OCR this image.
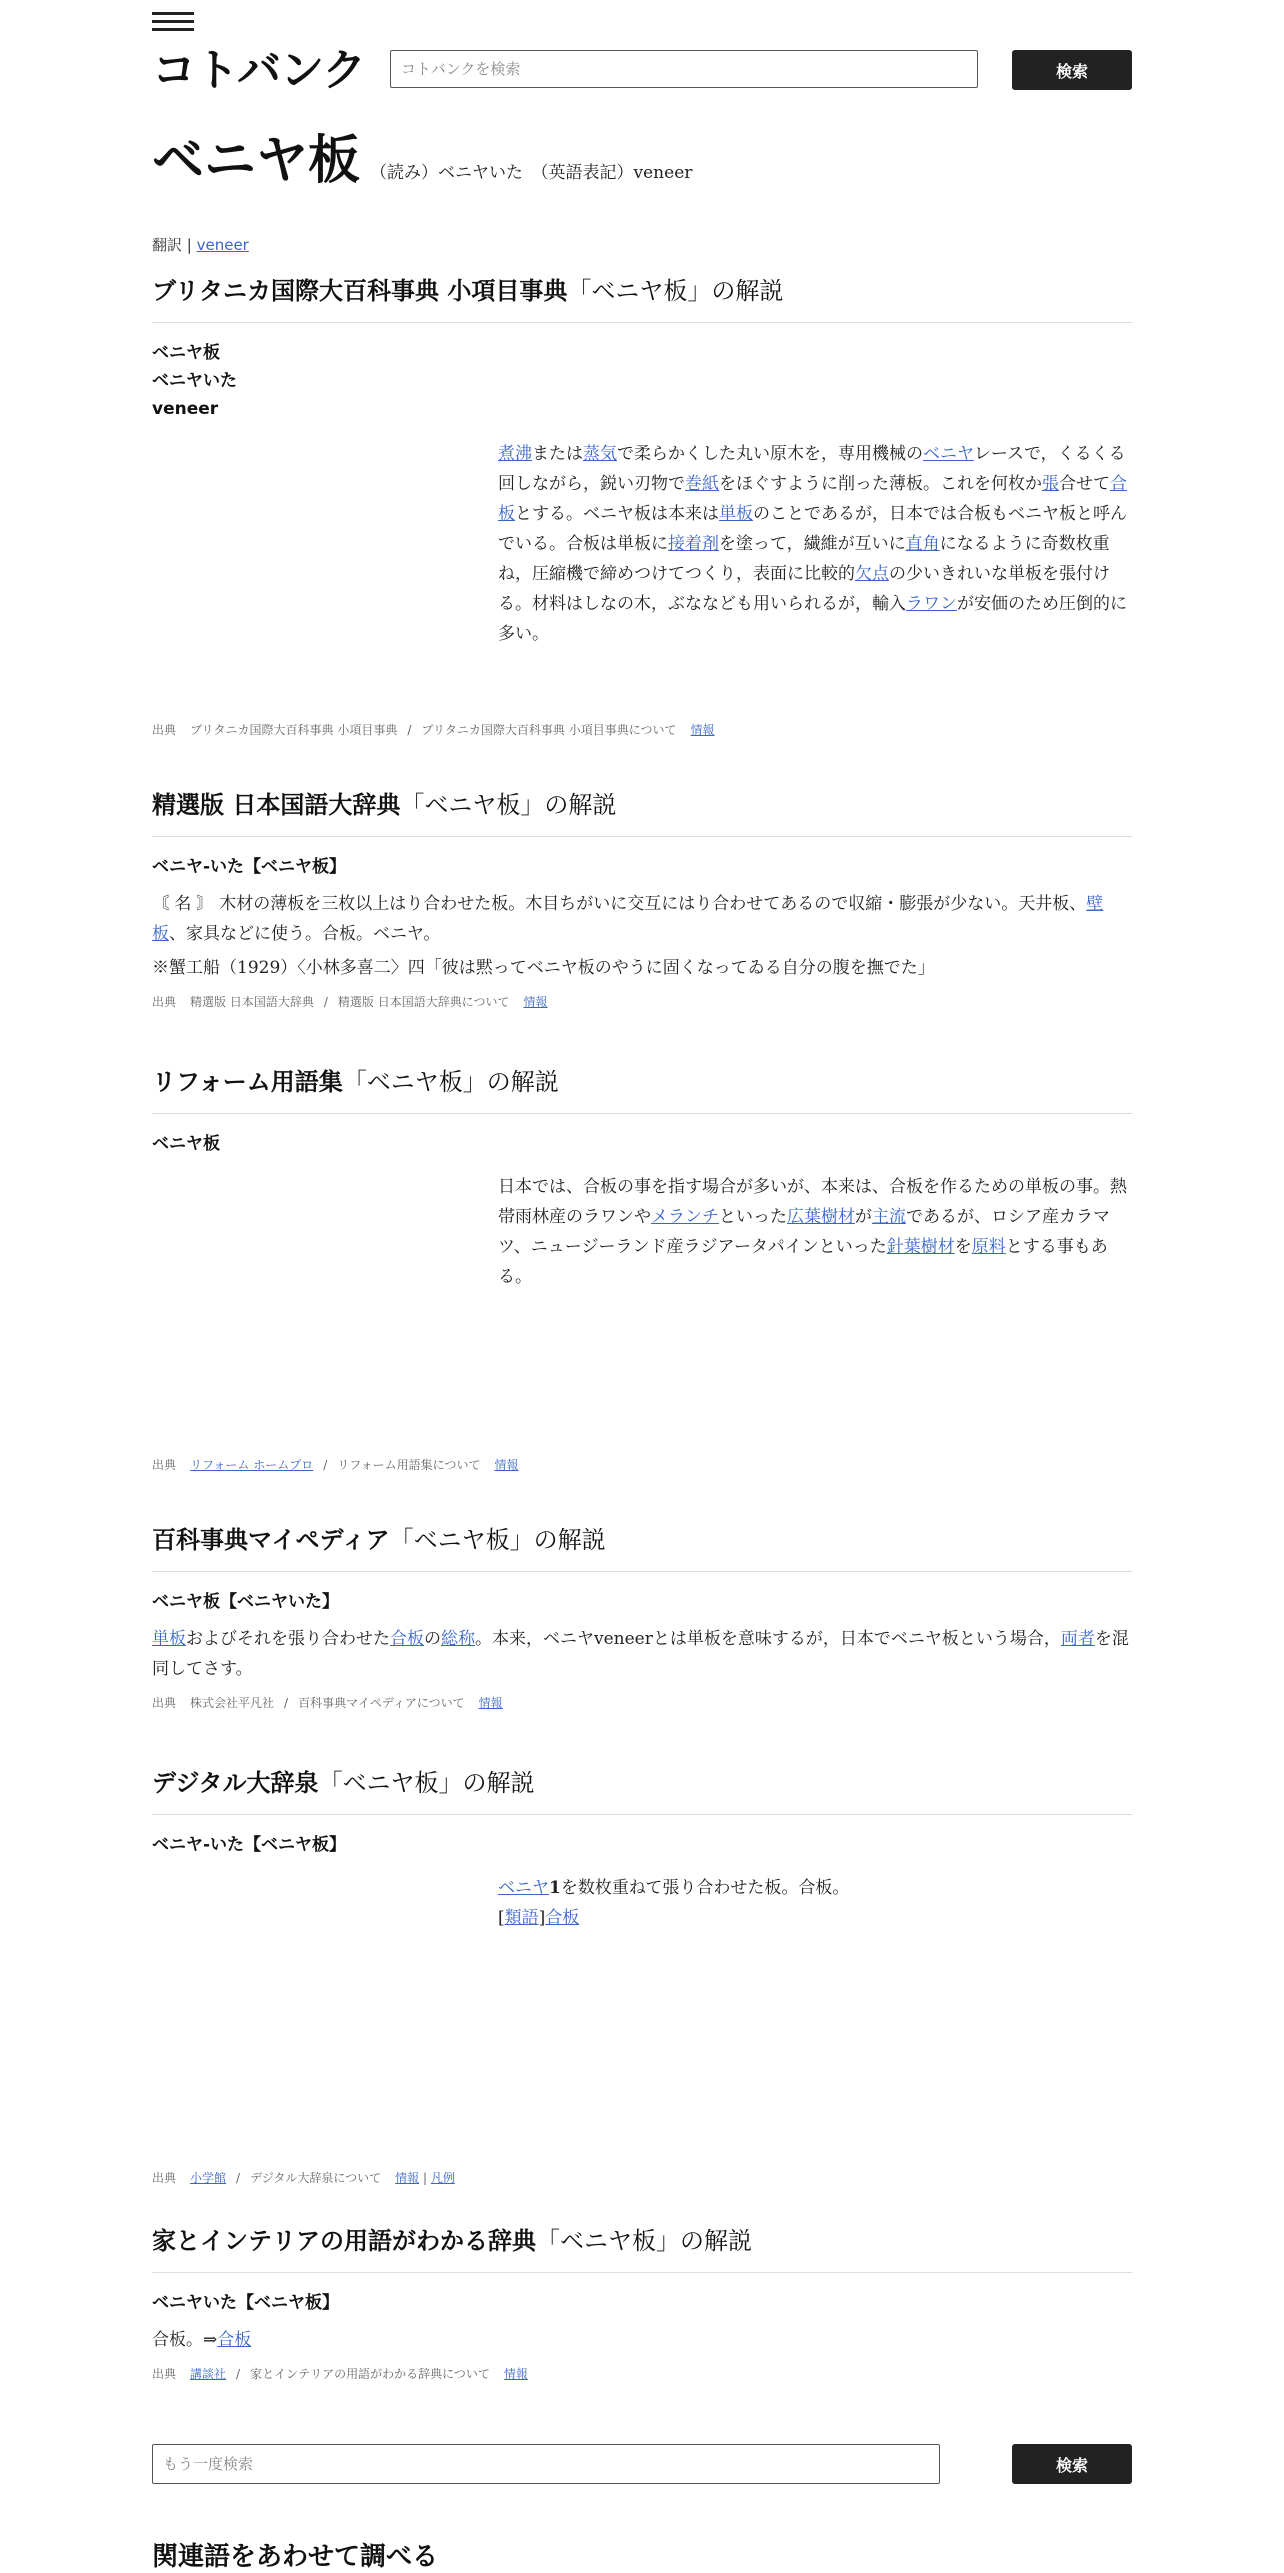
コトバンク
コトバンクを検索	検索
ベニヤ板 （読み）ベニヤいた　（英語表記）veneer
翻訳 | veneer
ブリタニカ国際大百科事典 小項目事典「ベニヤ板」の解説
ベニヤ板
ベニヤいた
veneer
煮沸または蒸気で柔らかくした丸い原木を，専用機械のベニヤレースで，くるくる回しながら，鋭い刃物で巻紙をほぐすように削った薄板。これを何枚か張合せて合板とする。ベニヤ板は本来は単板のことであるが，日本では合板もベニヤ板と呼んでいる。合板は単板に接着剤を塗って，繊維が互いに直角になるように奇数枚重ね，圧縮機で締めつけてつくり，表面に比較的欠点の少いきれいな単板を張付ける。材料はしなの木，ぶななども用いられるが，輸入ラワンが安価のため圧倒的に多い。
出典 ブリタニカ国際大百科事典 小項目事典 / ブリタニカ国際大百科事典 小項目事典について 情報
精選版 日本国語大辞典「ベニヤ板」の解説
ベニヤ‐いた【ベニヤ板】
〘 名 〙 木材の薄板を三枚以上はり合わせた板。木目ちがいに交互にはり合わせてあるので収縮・膨張が少ない。天井板、壁板、家具などに使う。合板。ベニヤ。
※蟹工船（1929）〈小林多喜二〉四「彼は黙ってベニヤ板のやうに固くなってゐる自分の腹を撫でた」
出典 精選版 日本国語大辞典 / 精選版 日本国語大辞典について 情報
リフォーム用語集「ベニヤ板」の解説
ベニヤ板
日本では、合板の事を指す場合が多いが、本来は、合板を作るための単板の事。熱帯雨林産のラワンやメランチといった広葉樹材が主流であるが、ロシア産カラマツ、ニュージーランド産ラジアータパインといった針葉樹材を原料とする事もある。
出典 リフォーム ホームプロ / リフォーム用語集について 情報
百科事典マイペディア「ベニヤ板」の解説
ベニヤ板【ベニヤいた】
単板およびそれを張り合わせた合板の総称。本来，ベニヤveneerとは単板を意味するが，日本でベニヤ板という場合，両者を混同してさす。
出典 株式会社平凡社 / 百科事典マイペディアについて 情報
デジタル大辞泉「ベニヤ板」の解説
ベニヤ‐いた【ベニヤ板】
ベニヤ1を数枚重ねて張り合わせた板。合板。
[類語]合板
出典 小学館 / デジタル大辞泉について 情報 | 凡例
家とインテリアの用語がわかる辞典「ベニヤ板」の解説
ベニヤいた【ベニヤ板】
合板。⇒合板
出典 講談社 / 家とインテリアの用語がわかる辞典について 情報
もう一度検索
検索
関連語をあわせて調べる
